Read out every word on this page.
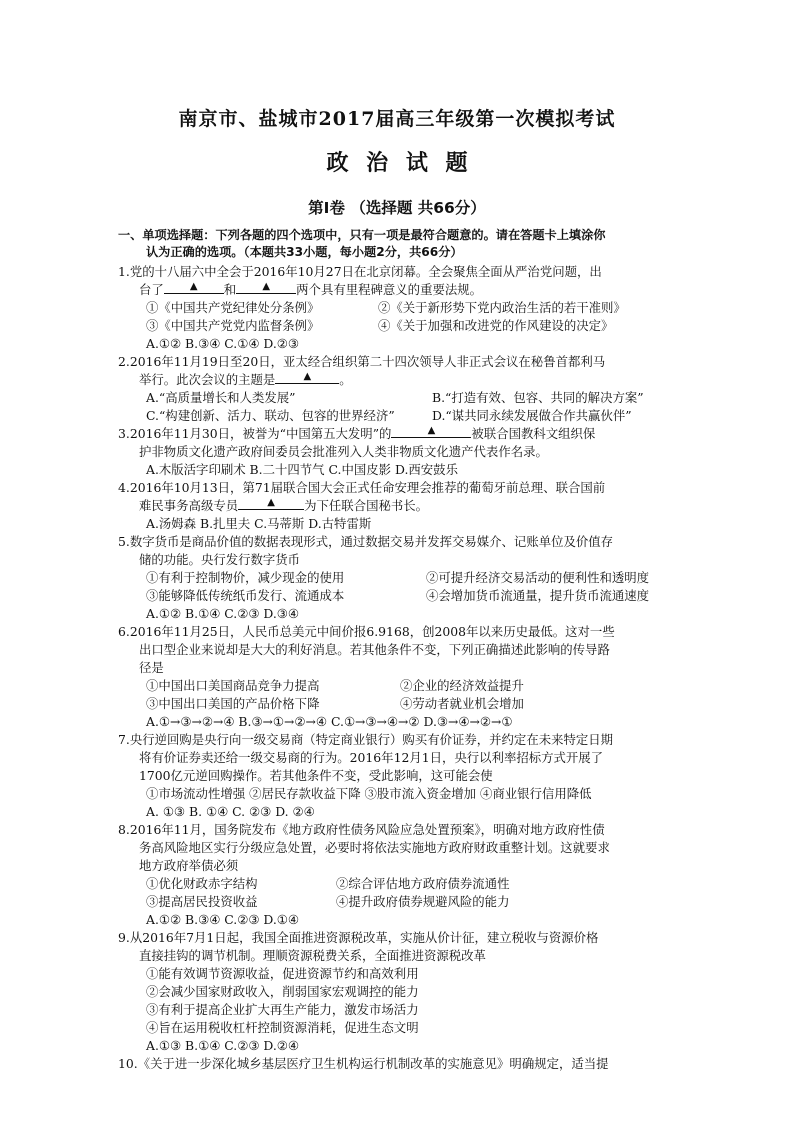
南京市、盐城市2017届高三年级第一次模拟考试
政 治 试 题
第Ⅰ卷 （选择题 共66分）
一、单项选择题：下列各题的四个选项中，只有一项是最符合题意的。请在答题卡上填涂你
认为正确的选项。（本题共33小题，每小题2分，共66分）
1.党的十八届六中全会于2016年10月27日在北京闭幕。全会聚焦全面从严治党问题，出
台了	▲	和	▲	两个具有里程碑意义的重要法规。
①《中国共产党纪律处分条例》	②《关于新形势下党内政治生活的若干准则》
③《中国共产党党内监督条例》	④《关于加强和改进党的作风建设的决定》
A.①② B.③④ C.①④ D.②③
2.2016年11月19日至20日，亚太经合组织第二十四次领导人非正式会议在秘鲁首都利马
举行。此次会议的主题是	▲	。
A.“高质量增长和人类发展”	B.“打造有效、包容、共同的解决方案”
C.“构建创新、活力、联动、包容的世界经济”	D.“谋共同永续发展做合作共赢伙伴”
3.2016年11月30日，被誉为“中国第五大发明”的	▲	被联合国教科文组织保
护非物质文化遗产政府间委员会批准列入人类非物质文化遗产代表作名录。
A.木版活字印刷术 B.二十四节气 C.中国皮影 D.西安鼓乐
4.2016年10月13日，第71届联合国大会正式任命安理会推荐的葡萄牙前总理、联合国前
难民事务高级专员	▲	为下任联合国秘书长。
A.汤姆森 B.扎里夫 C.马蒂斯 D.古特雷斯
5.数字货币是商品价值的数据表现形式，通过数据交易并发挥交易媒介、记账单位及价值存
储的功能。央行发行数字货币
①有利于控制物价，减少现金的使用	②可提升经济交易活动的便利性和透明度
③能够降低传统纸币发行、流通成本	④会增加货币流通量，提升货币流通速度
A.①② B.①④ C.②③ D.③④
6.2016年11月25日，人民币总美元中间价报6.9168，创2008年以来历史最低。这对一些
出口型企业来说却是大大的利好消息。若其他条件不变，下列正确描述此影响的传导路
径是
①中国出口美国商品竞争力提高	②企业的经济效益提升
③中国出口美国的产品价格下降	④劳动者就业机会增加
A.①→③→②→④ B.③→①→②→④ C.①→③→④→② D.③→④→②→①
7.央行逆回购是央行向一级交易商（特定商业银行）购买有价证券，并约定在未来特定日期
将有价证券卖还给一级交易商的行为。2016年12月1日，央行以利率招标方式开展了
1700亿元逆回购操作。若其他条件不变，受此影响，这可能会使
①市场流动性增强 ②居民存款收益下降 ③股市流入资金增加 ④商业银行信用降低
A. ①③ B. ①④ C. ②③ D. ②④
8.2016年11月，国务院发布《地方政府性债务风险应急处置预案》，明确对地方政府性债
务高风险地区实行分级应急处置，必要时将依法实施地方政府财政重整计划。这就要求
地方政府举债必须
①优化财政赤字结构	②综合评估地方政府债券流通性
③提高居民投资收益	④提升政府债券规避风险的能力
A.①② B.③④ C.②③ D.①④
9.从2016年7月1日起，我国全面推进资源税改革，实施从价计征，建立税收与资源价格
直接挂钩的调节机制。理顺资源税费关系，全面推进资源税改革
①能有效调节资源收益，促进资源节约和高效利用
②会减少国家财政收入，削弱国家宏观调控的能力
③有利于提高企业扩大再生产能力，激发市场活力
④旨在运用税收杠杆控制资源消耗，促进生态文明
A.①③ B.①④ C.②③ D.②④
10.《关于进一步深化城乡基层医疗卫生机构运行机制改革的实施意见》明确规定，适当提
